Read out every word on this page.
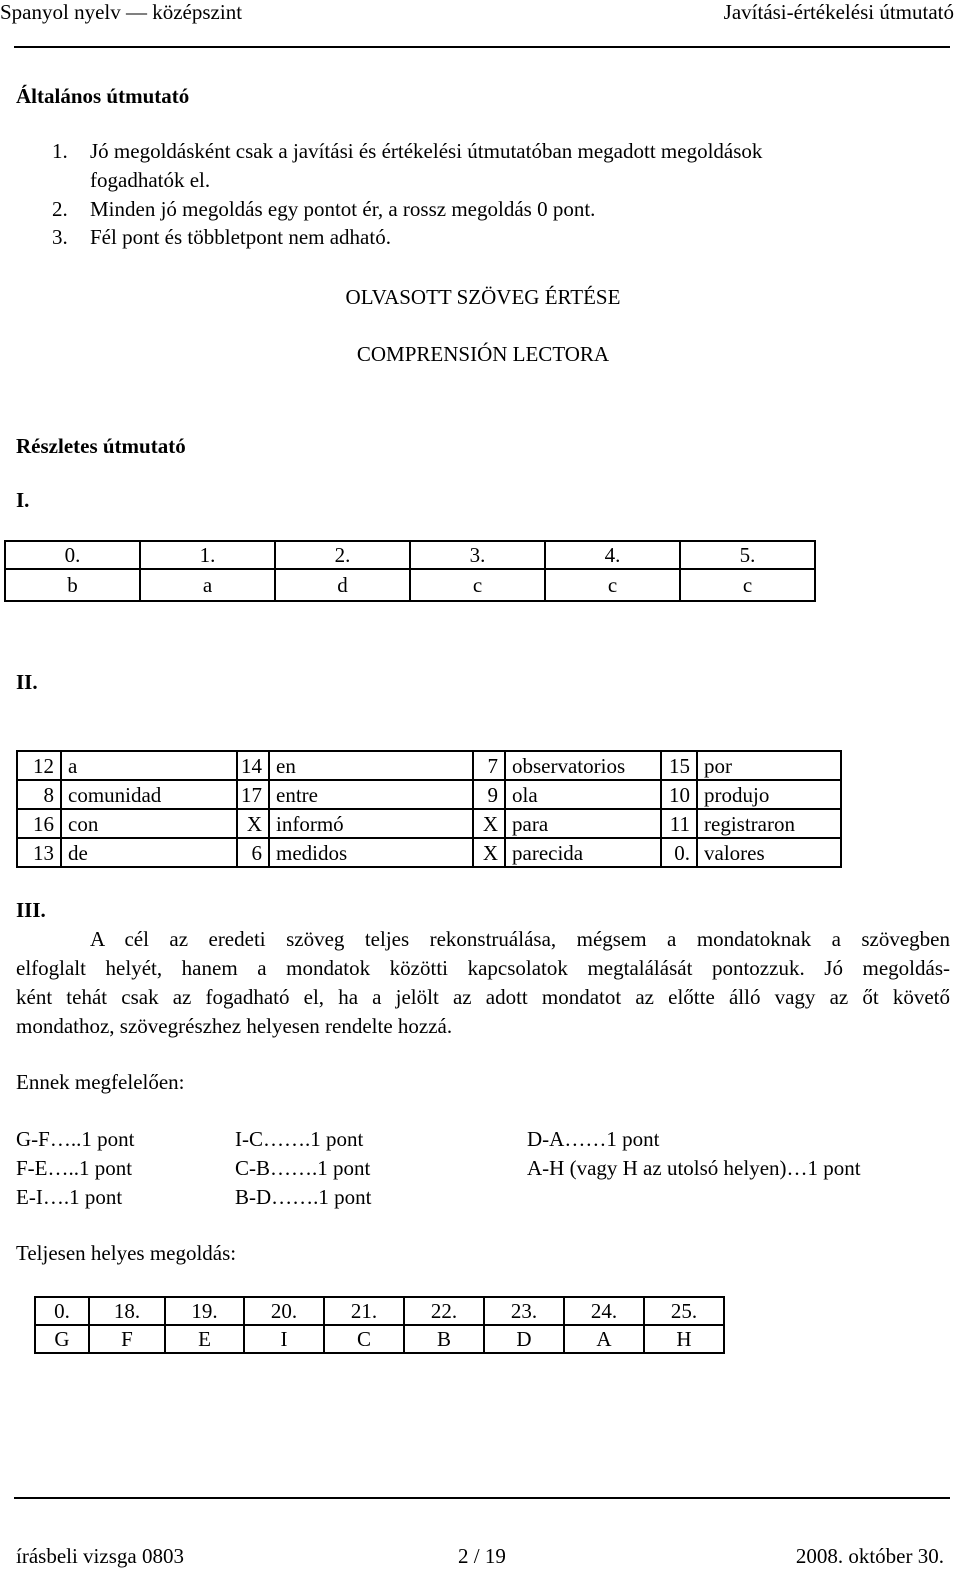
Spanyol nyelv — középszint	Javítási-értékelési útmutató
Általános útmutató
1. Jó megoldásként csak a javítási és értékelési útmutatóban megadott megoldások
fogadhatók el.
2. Minden jó megoldás egy pontot ér, a rossz megoldás 0 pont.
3. Fél pont és többletpont nem adható.
OLVASOTT SZÖVEG ÉRTÉSE
COMPRENSIÓN LECTORA
Részletes útmutató
I.
0.	1.	2.	3.	4.	5.
b	a	d	c	c	c
II.
12	a	14	en	7	observatorios	15	por
8	comunidad	17	entre	9	ola	10	produjo
16	con	X	informó	X	para	11	registraron
13	de	6	medidos	X	parecida	0.	valores
III.
A cél az eredeti szöveg teljes rekonstruálása, mégsem a mondatoknak a szövegben
elfoglalt helyét, hanem a mondatok közötti kapcsolatok megtalálását pontozzuk. Jó megoldás-
ként tehát csak az fogadható el, ha a jelölt az adott mondatot az előtte álló vagy az őt követő
mondathoz, szövegrészhez helyesen rendelte hozzá.
Ennek megfelelően:
G-F…..1 pont	I-C…….1 pont	D-A……1 pont
F-E…..1 pont	C-B…….1 pont	A-H (vagy H az utolsó helyen)…1 pont
E-I….1 pont	B-D…….1 pont
Teljesen helyes megoldás:
0.	18.	19.	20.	21.	22.	23.	24.	25.
G	F	E	I	C	B	D	A	H
írásbeli vizsga 0803	2 / 19	2008. október 30.
